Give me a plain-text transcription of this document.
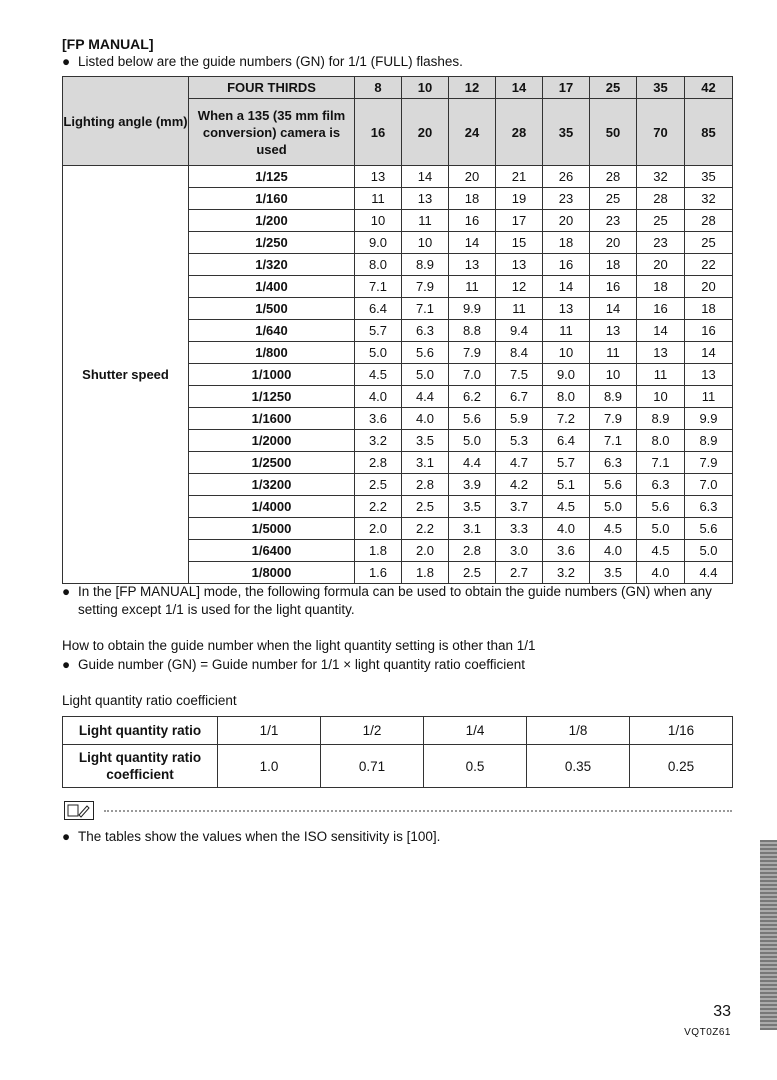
[FP MANUAL]
● Listed below are the guide numbers (GN) for 1/1 (FULL) flashes.
Lighting angle (mm)	FOUR THIRDS	8	10	12	14	17	25	35	42
	When a 135 (35 mm film conversion) camera is used	16	20	24	28	35	50	70	85
Shutter speed	1/125	13	14	20	21	26	28	32	35
	1/160	11	13	18	19	23	25	28	32
	1/200	10	11	16	17	20	23	25	28
	1/250	9.0	10	14	15	18	20	23	25
	1/320	8.0	8.9	13	13	16	18	20	22
	1/400	7.1	7.9	11	12	14	16	18	20
	1/500	6.4	7.1	9.9	11	13	14	16	18
	1/640	5.7	6.3	8.8	9.4	11	13	14	16
	1/800	5.0	5.6	7.9	8.4	10	11	13	14
	1/1000	4.5	5.0	7.0	7.5	9.0	10	11	13
	1/1250	4.0	4.4	6.2	6.7	8.0	8.9	10	11
	1/1600	3.6	4.0	5.6	5.9	7.2	7.9	8.9	9.9
	1/2000	3.2	3.5	5.0	5.3	6.4	7.1	8.0	8.9
	1/2500	2.8	3.1	4.4	4.7	5.7	6.3	7.1	7.9
	1/3200	2.5	2.8	3.9	4.2	5.1	5.6	6.3	7.0
	1/4000	2.2	2.5	3.5	3.7	4.5	5.0	5.6	6.3
	1/5000	2.0	2.2	3.1	3.3	4.0	4.5	5.0	5.6
	1/6400	1.8	2.0	2.8	3.0	3.6	4.0	4.5	5.0
	1/8000	1.6	1.8	2.5	2.7	3.2	3.5	4.0	4.4
● In the [FP MANUAL] mode, the following formula can be used to obtain the guide numbers (GN) when any setting except 1/1 is used for the light quantity.
How to obtain the guide number when the light quantity setting is other than 1/1
● Guide number (GN) = Guide number for 1/1 × light quantity ratio coefficient
Light quantity ratio coefficient
Light quantity ratio	1/1	1/2	1/4	1/8	1/16
Light quantity ratio coefficient	1.0	0.71	0.5	0.35	0.25
● The tables show the values when the ISO sensitivity is [100].
33
VQT0Z61
